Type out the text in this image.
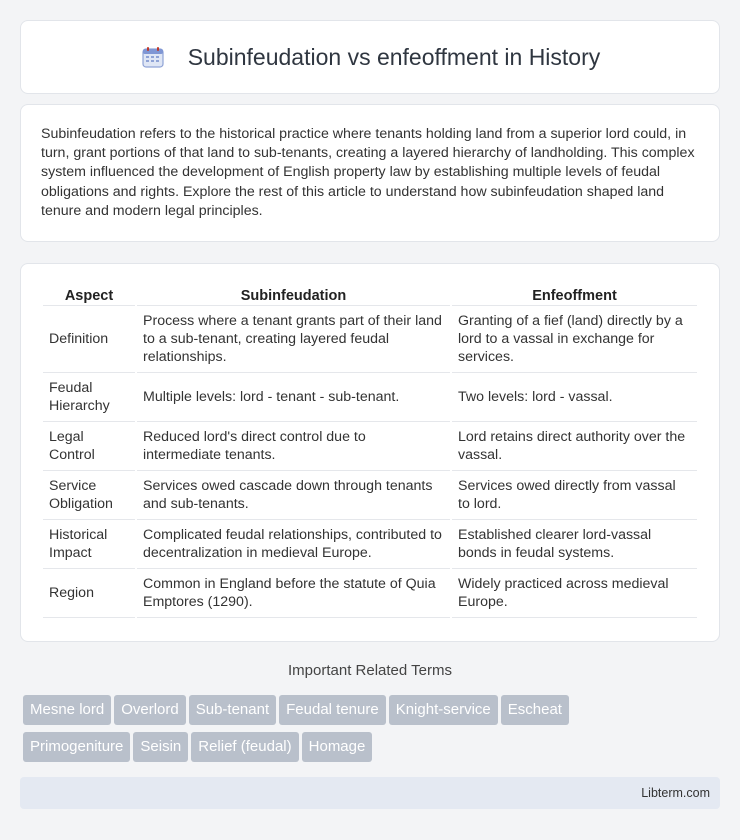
Subinfeudation vs enfeoffment in History

Subinfeudation refers to the historical practice where tenants holding land from a superior lord could, in turn, grant portions of that land to sub-tenants, creating a layered hierarchy of landholding. This complex system influenced the development of English property law by establishing multiple levels of feudal obligations and rights. Explore the rest of this article to understand how subinfeudation shaped land tenure and modern legal principles.

Aspect	Subinfeudation	Enfeoffment
Definition	Process where a tenant grants part of their land to a sub-tenant, creating layered feudal relationships.	Granting of a fief (land) directly by a lord to a vassal in exchange for services.
Feudal Hierarchy	Multiple levels: lord - tenant - sub-tenant.	Two levels: lord - vassal.
Legal Control	Reduced lord's direct control due to intermediate tenants.	Lord retains direct authority over the vassal.
Service Obligation	Services owed cascade down through tenants and sub-tenants.	Services owed directly from vassal to lord.
Historical Impact	Complicated feudal relationships, contributed to decentralization in medieval Europe.	Established clearer lord-vassal bonds in feudal systems.
Region	Common in England before the statute of Quia Emptores (1290).	Widely practiced across medieval Europe.
Important Related Terms
Mesne lord Overlord Sub-tenant Feudal tenure Knight-service Escheat
Primogeniture Seisin Relief (feudal) Homage
Libterm.com
